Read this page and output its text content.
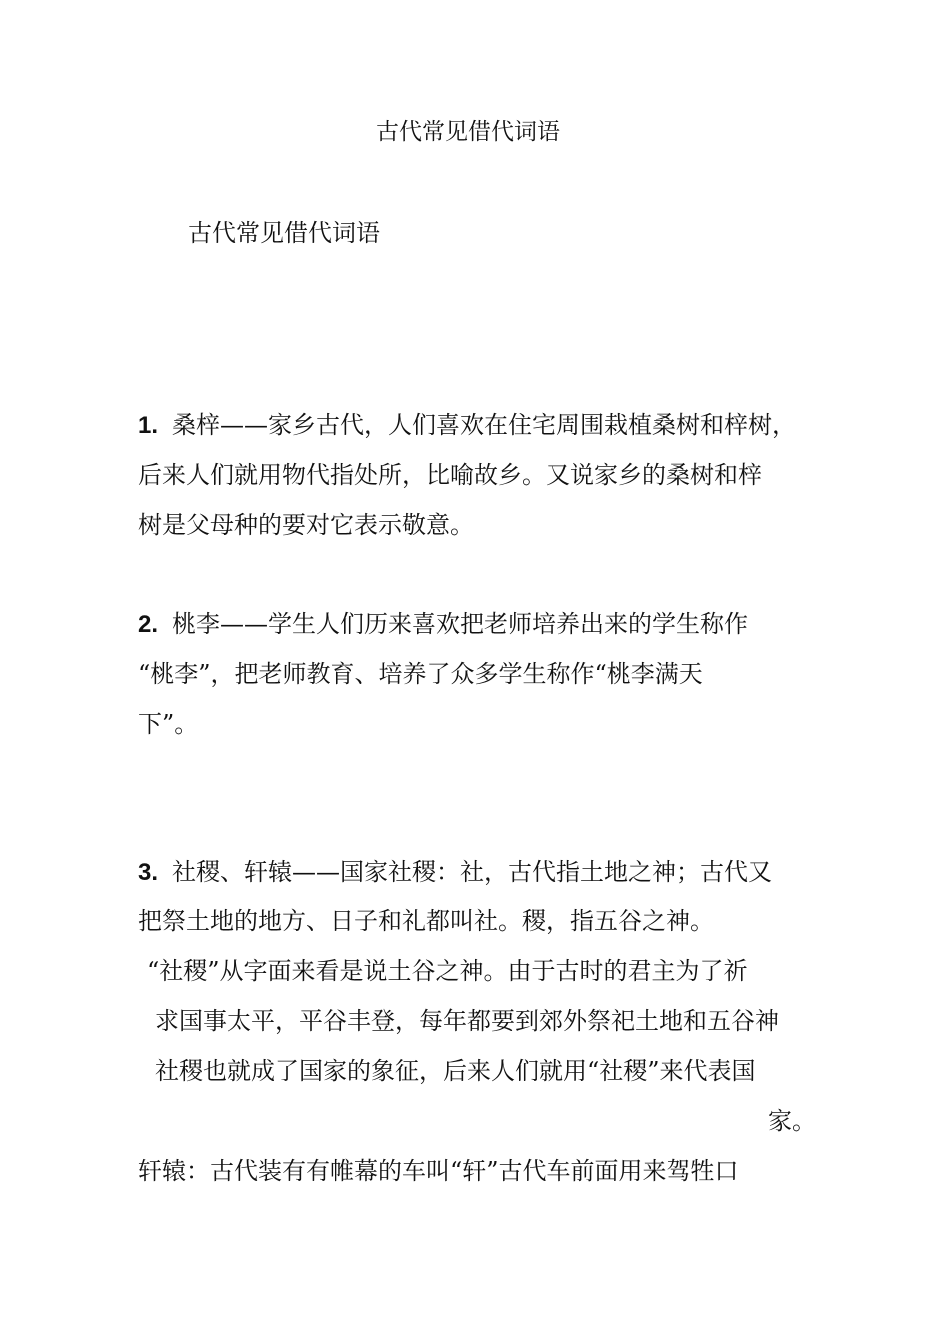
古代常见借代词语
古代常见借代词语
1. 桑梓——家乡古代，人们喜欢在住宅周围栽植桑树和梓树，
后来人们就用物代指处所，比喻故乡。又说家乡的桑树和梓
树是父母种的要对它表示敬意。
2. 桃李——学生人们历来喜欢把老师培养出来的学生称作
“桃李”，把老师教育、培养了众多学生称作“桃李满天
下”。
3. 社稷、轩辕——国家社稷：社，古代指土地之神；古代又
把祭土地的地方、日子和礼都叫社。稷，指五谷之神。
“社稷”从字面来看是说土谷之神。由于古时的君主为了祈
求国事太平，平谷丰登，每年都要到郊外祭祀土地和五谷神
社稷也就成了国家的象征，后来人们就用“社稷”来代表国
家。
轩辕：古代装有有帷幕的车叫“轩”古代车前面用来驾牲口
